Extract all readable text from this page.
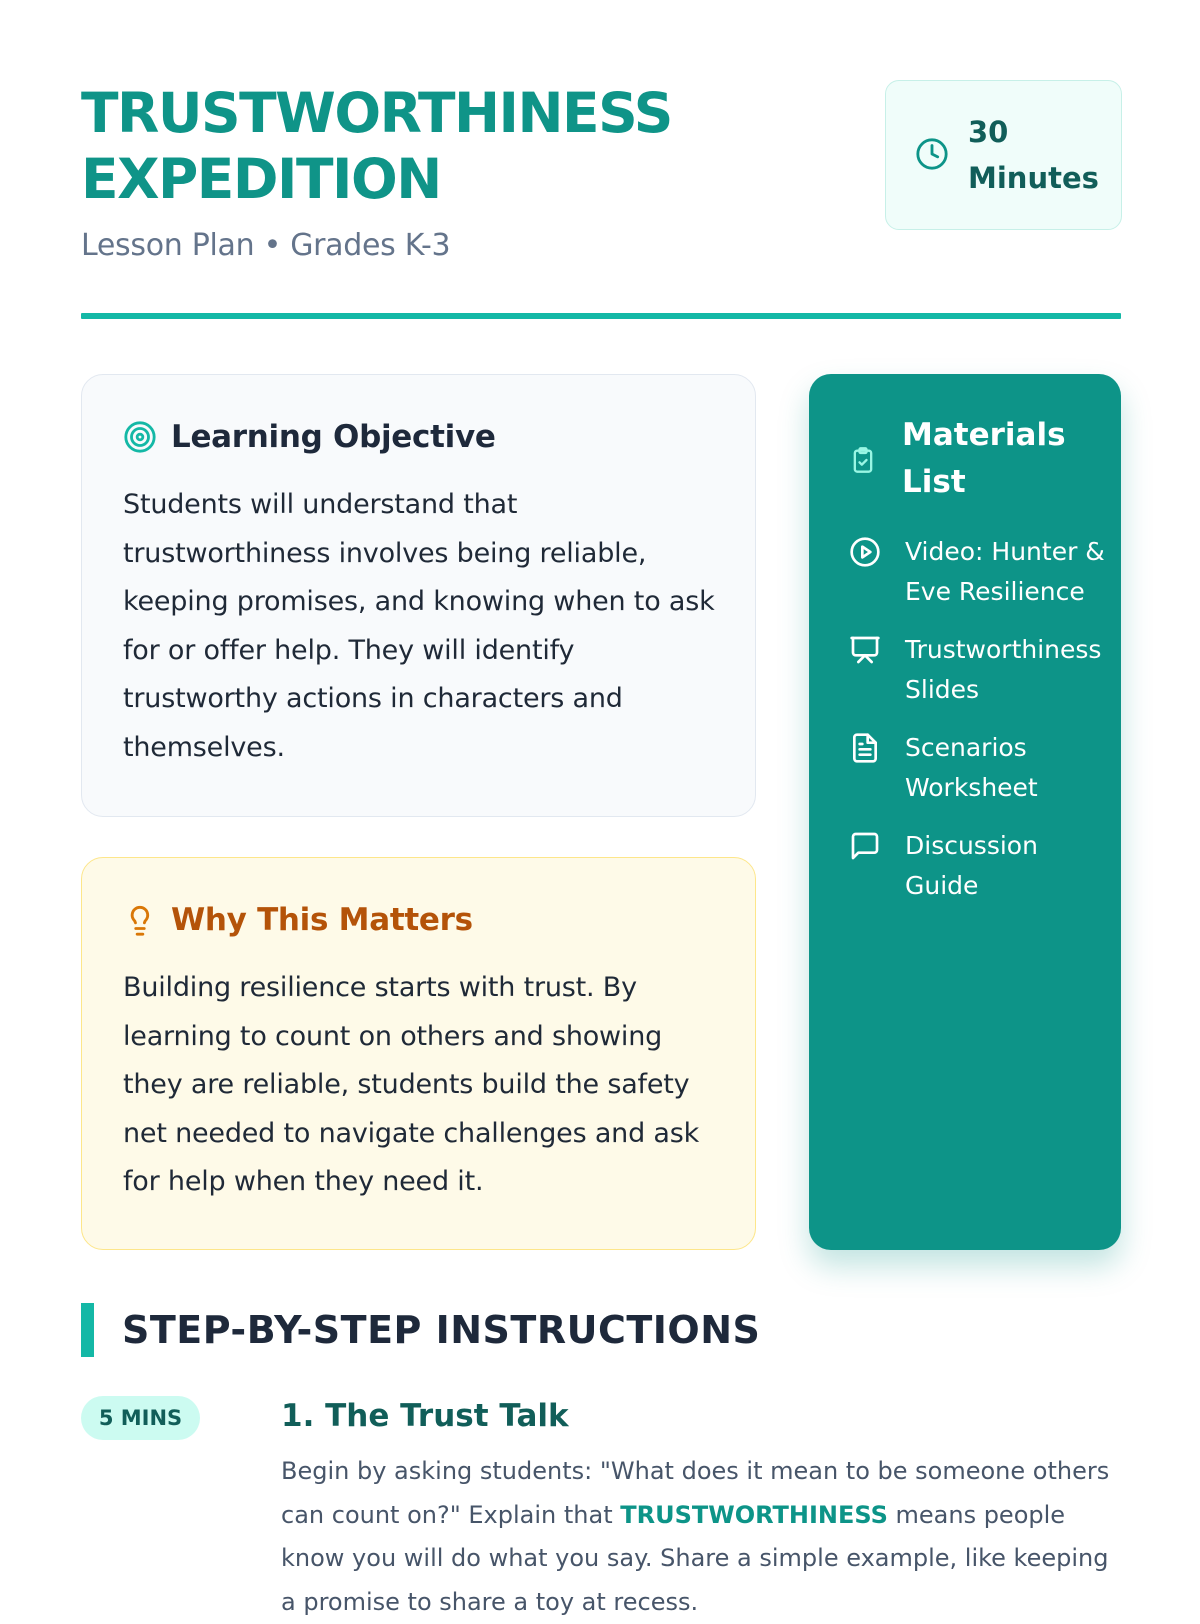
TRUSTWORTHINESS
EXPEDITION
Lesson Plan • Grades K-3
30
Minutes
Learning Objective
Students will understand that trustworthiness involves being reliable, keeping promises, and knowing when to ask for or offer help. They will identify trustworthy actions in characters and themselves.
Why This Matters
Building resilience starts with trust. By learning to count on others and showing they are reliable, students build the safety net needed to navigate challenges and ask for help when they need it.
Materials List
Video: Hunter & Eve Resilience
Trustworthiness Slides
Scenarios Worksheet
Discussion Guide
STEP-BY-STEP INSTRUCTIONS
5 MINS	1. The Trust Talk
Begin by asking students: "What does it mean to be someone others can count on?" Explain that TRUSTWORTHINESS means people know you will do what you say. Share a simple example, like keeping a promise to share a toy at recess.
